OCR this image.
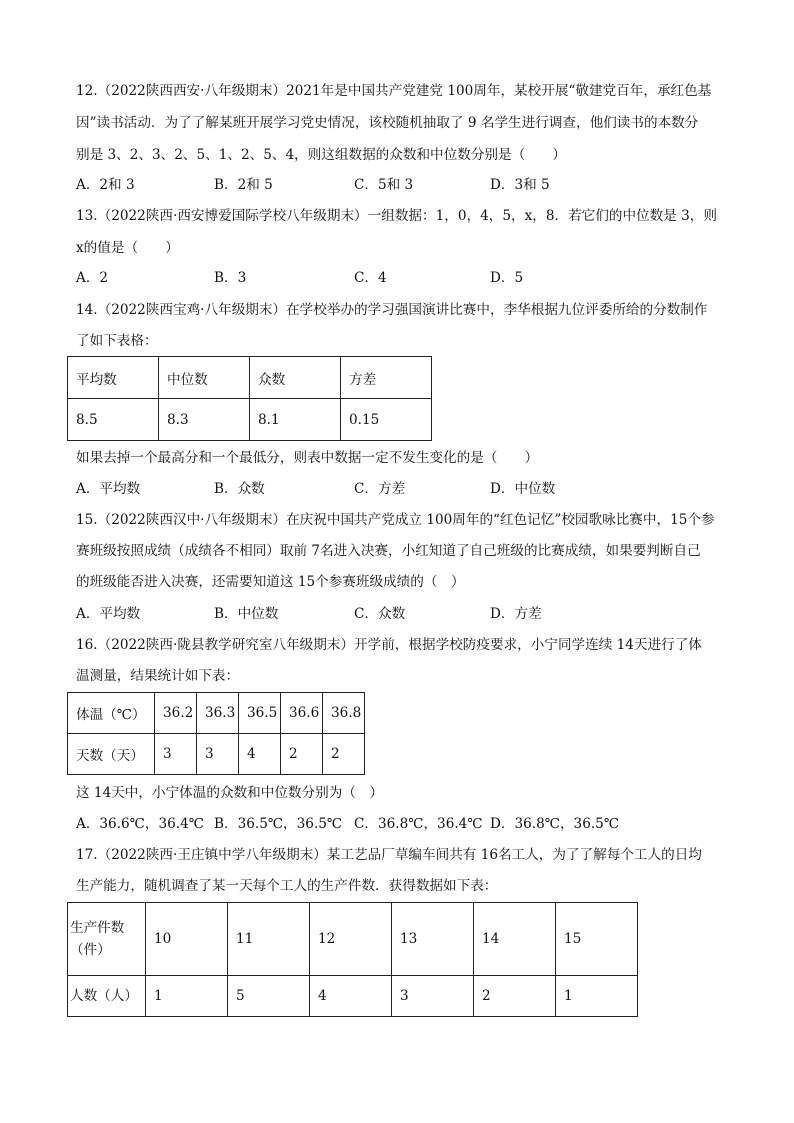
12.（2022陕西西安·八年级期末）2021年是中国共产党建党 100周年，某校开展“敬建党百年，承红色基
因”读书活动．为了了解某班开展学习党史情况，该校随机抽取了 9 名学生进行调查，他们读书的本数分
别是 3、2、3、2、5、1、2、5、4，则这组数据的众数和中位数分别是（　　）
A．2和 3	B．2和 5	C．5和 3	D．3和 5
13.（2022陕西·西安博爱国际学校八年级期末）一组数据：1，0，4，5，x，8．若它们的中位数是 3，则
x的值是（　　）
A．2	B．3	C．4	D．5
14.（2022陕西宝鸡·八年级期末）在学校举办的学习强国演讲比赛中，李华根据九位评委所给的分数制作
了如下表格：
平均数	中位数	众数	方差
8.5	8.3	8.1	0.15
如果去掉一个最高分和一个最低分，则表中数据一定不发生变化的是（　　）
A．平均数	B．众数	C．方差	D．中位数
15.（2022陕西汉中·八年级期末）在庆祝中国共产党成立 100周年的“红色记忆”校园歌咏比赛中，15个参
赛班级按照成绩（成绩各不相同）取前 7名进入决赛，小红知道了自己班级的比赛成绩，如果要判断自己
的班级能否进入决赛，还需要知道这 15个参赛班级成绩的（　）
A．平均数	B．中位数	C．众数	D．方差
16.（2022陕西·陇县教学研究室八年级期末）开学前，根据学校防疫要求，小宁同学连续 14天进行了体
温测量，结果统计如下表：
体温（℃）	36.2	36.3	36.5	36.6	36.8
天数（天）	3	3	4	2	2
这 14天中，小宁体温的众数和中位数分别为（　）
A．36.6℃，36.4℃ B．36.5℃，36.5℃ C．36.8℃，36.4℃ D．36.8℃，36.5℃
17.（2022陕西·王庄镇中学八年级期末）某工艺品厂草编车间共有 16名工人，为了了解每个工人的日均
生产能力，随机调查了某一天每个工人的生产件数．获得数据如下表：
生产件数
（件）	10	11	12	13	14	15
人数（人）	1	5	4	3	2	1
